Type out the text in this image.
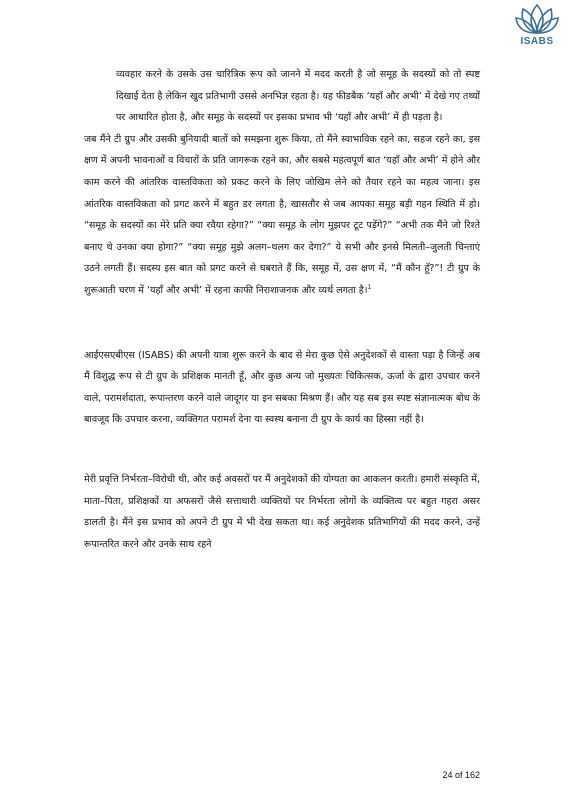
ISABS

व्यवहार करने के उसके उस चारित्रिक रूप को जानने में मदद करती है जो समूह के सदस्यों को तो स्पष्ट दिखाई देता है लेकिन खुद प्रतिभागी उससे अनभिज्ञ रहता है। यह फीडबैक ‘यहाँ और अभी’ में देखे गए तथ्यों पर आधारित होता है, और समूह के सदस्यों पर इसका प्रभाव भी ‘यहाँ और अभी’ में ही पड़ता है।

जब मैंने टी ग्रुप और उसकी बुनियादी बातों को समझना शुरू किया, तो मैंने स्वाभाविक रहने का, सहज रहने का, इस क्षण में अपनी भावनाओं व विचारों के प्रति जागरूक रहने का, और सबसे महत्वपूर्ण बात ‘यहाँ और अभी’ में होने और काम करने की आंतरिक वास्तविकता को प्रकट करने के लिए जोखिम लेने को तैयार रहने का महत्व जाना। इस आंतरिक वास्तविकता को प्रगट करने में बहुत डर लगता है, खासतौर से जब आपका समूह बड़ी गहन स्थिति में हो। “समूह के सदस्यों का मेरे प्रति क्या रवैया रहेगा?” “क्या समूह के लोग मुझपर टूट पड़ेंगे?” “अभी तक मैंने जो रिश्ते बनाए थे उनका क्या होगा?” “क्या समूह मुझे अलग–थलग कर देगा?” ये सभी और इनसे मिलती–जुलती चिन्ताएं उठने लगती हैं। सदस्य इस बात को प्रगट करने से घबराते हैं कि, समूह में, उस क्षण में, “मैं कौन हूँ?”! टी ग्रुप के शुरूआती चरण में ‘यहाँ और अभी’ में रहना काफी निराशाजनक और व्यर्थ लगता है।$^1$

आईएसएबीएस (ISABS) की अपनी यात्रा शुरू करने के बाद से मेरा कुछ ऐसे अनुदेशकों से वास्ता पड़ा है जिन्हें अब मैं विशुद्ध रूप से टी ग्रुप के प्रशिक्षक मानती हूँ, और कुछ अन्य जो मुख्यतः चिकित्सक, ऊर्जा के द्वारा उपचार करने वाले, परामर्शदाता, रूपान्तरण करने वाले जादूगर या इन सबका मिश्रण हैं। और यह सब इस स्पष्ट संज्ञानात्मक बोध के बावजूद कि उपचार करना, व्यक्तिगत परामर्श देना या स्वस्थ बनाना टी ग्रुप के कार्य का हिस्सा नहीं है।

मेरी प्रवृत्ति निर्भरता–विरोधी थी, और कई अवसरों पर मैं अनुदेशकों की योग्यता का आकलन करती। हमारी संस्कृति में, माता–पिता, प्रशिक्षकों या अफसरों जैसे सत्ताधारी व्यक्तियों पर निर्भरता लोगों के व्यक्तित्व पर बहुत गहरा असर डालती है। मैंने इस प्रभाव को अपने टी ग्रुप में भी देख सकता था। कई अनुदेशक प्रतिभागियों की मदद करने, उन्हें रूपान्तरित करने और उनके साथ रहने

24 of 162
